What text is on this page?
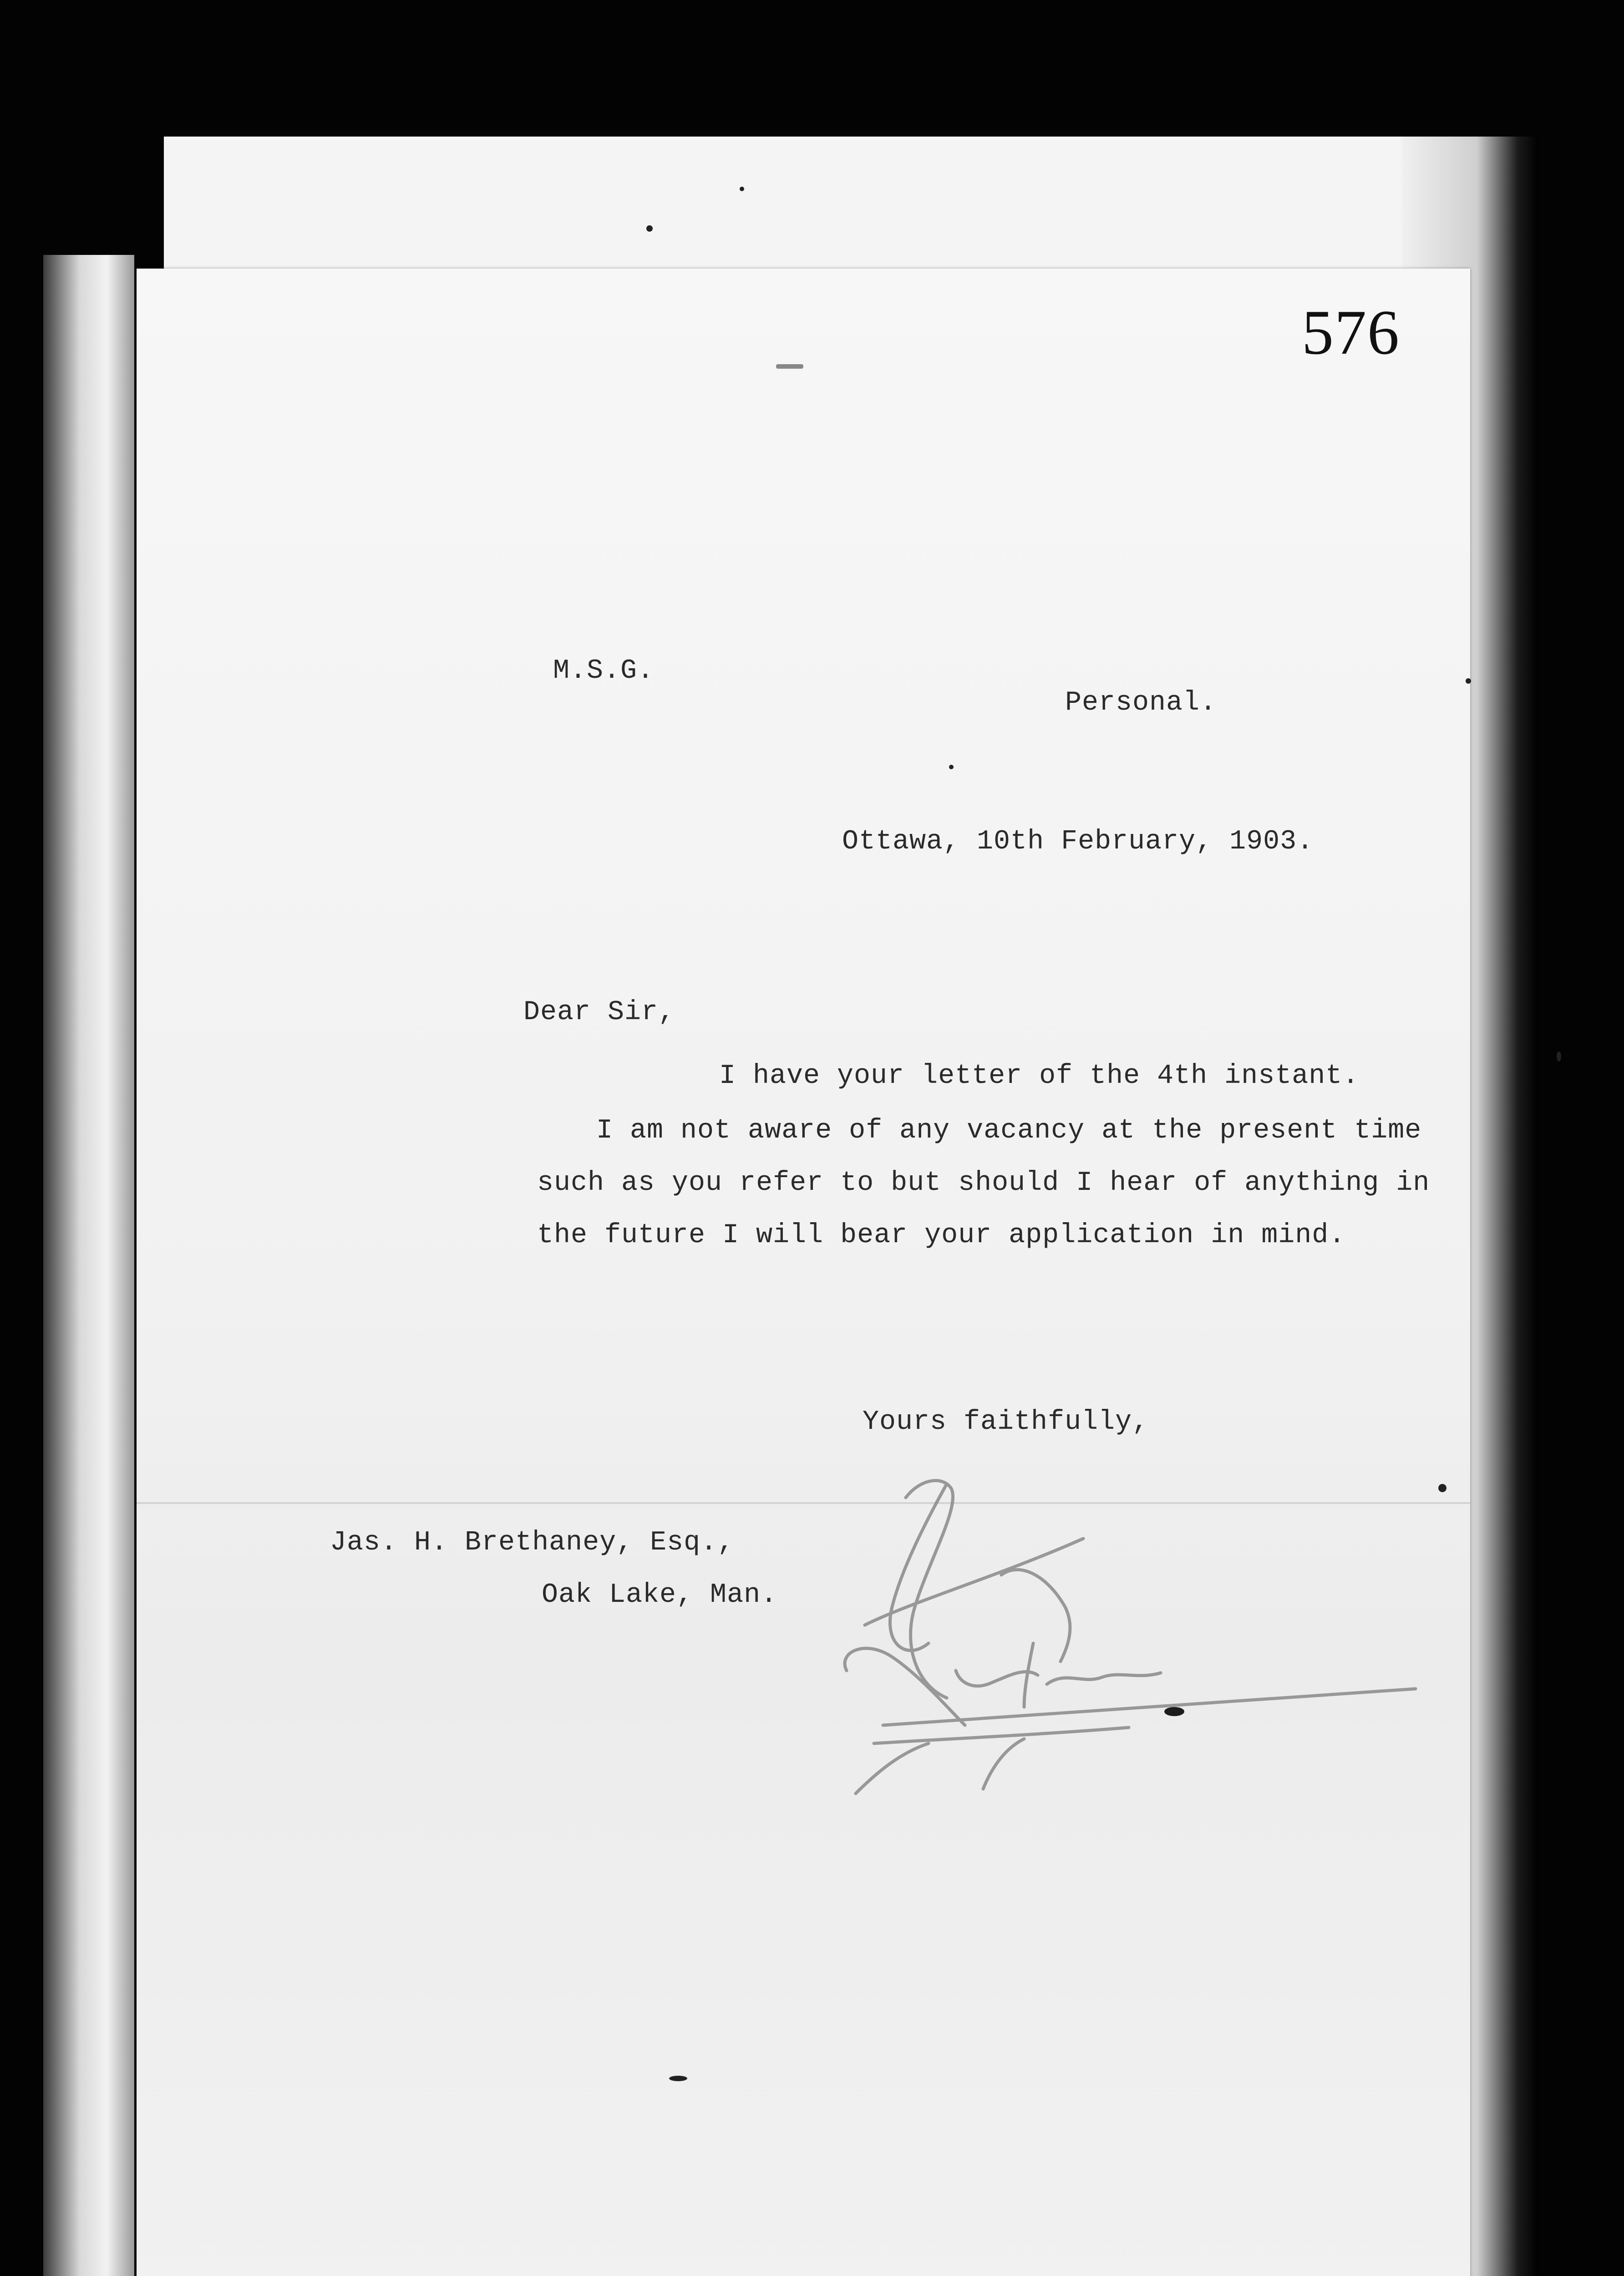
576
M.S.G.
Personal.
Ottawa, 10th February, 1903.
Dear Sir,
I have your letter of the 4th instant.
I am not aware of any vacancy at the present time
such as you refer to but should I hear of anything in
the future I will bear your application in mind.
Yours faithfully,
Jas. H. Brethaney, Esq.,
Oak Lake, Man.
